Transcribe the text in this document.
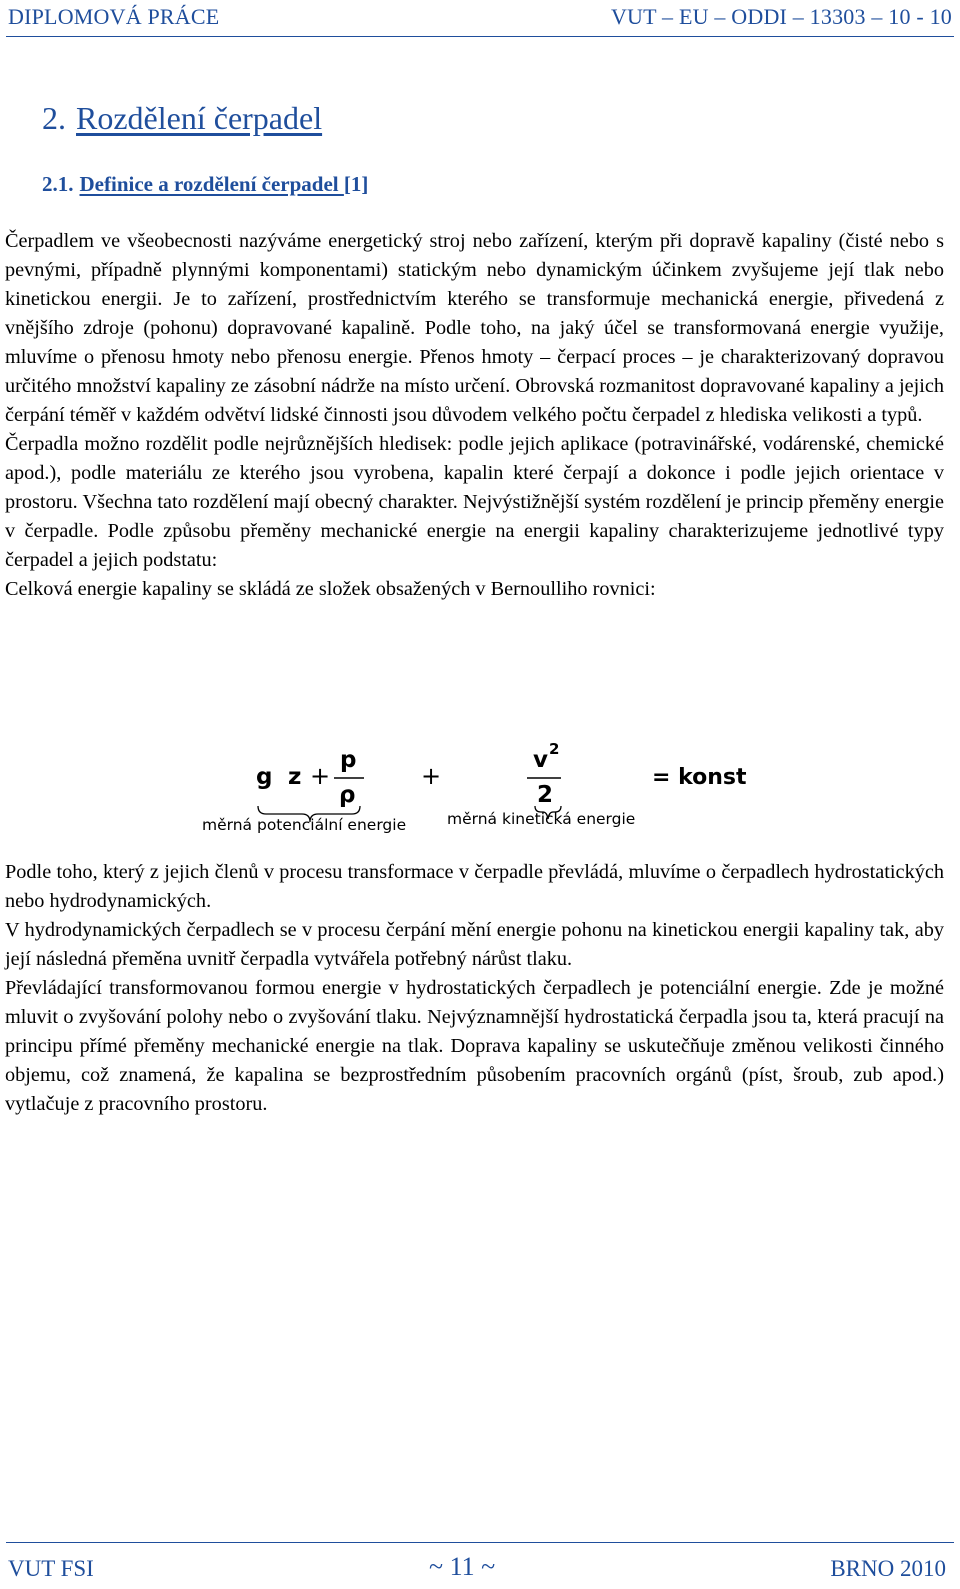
DIPLOMOVÁ PRÁCE	VUT – EU – ODDI – 13303 – 10 - 10
2. Rozdělení čerpadel
2.1. Definice a rozdělení čerpadel [1]

Čerpadlem ve všeobecnosti nazýváme energetický stroj nebo zařízení, kterým při dopravě kapaliny (čisté nebo s pevnými, případně plynnými komponentami) statickým nebo dynamickým účinkem zvyšujeme její tlak nebo kinetickou energii. Je to zařízení, prostřednictvím kterého se transformuje mechanická energie, přivedená z vnějšího zdroje (pohonu) dopravované kapalině. Podle toho, na jaký účel se transformovaná energie využije, mluvíme o přenosu hmoty nebo přenosu energie. Přenos hmoty – čerpací proces – je charakterizovaný dopravou určitého množství kapaliny ze zásobní nádrže na místo určení. Obrovská rozmanitost dopravované kapaliny a jejich čerpání téměř v každém odvětví lidské činnosti jsou důvodem velkého počtu čerpadel z hlediska velikosti a typů.

Čerpadla možno rozdělit podle nejrůznějších hledisek: podle jejich aplikace (potravinářské, vodárenské, chemické apod.), podle materiálu ze kterého jsou vyrobena, kapalin které čerpají a dokonce i podle jejich orientace v prostoru. Všechna tato rozdělení mají obecný charakter. Nejvýstižnější systém rozdělení je princip přeměny energie v čerpadle. Podle způsobu přeměny mechanické energie na energii kapaliny charakterizujeme jednotlivé typy čerpadel a jejich podstatu:

Celková energie kapaliny se skládá ze složek obsažených v Bernoulliho rovnici:

g z +
p
ρ
+
v 2
2
= konst
měrná potenciální energie	měrná kinetická energie

Podle toho, který z jejich členů v procesu transformace v čerpadle převládá, mluvíme o čerpadlech hydrostatických nebo hydrodynamických.

V hydrodynamických čerpadlech se v procesu čerpání mění energie pohonu na kinetickou energii kapaliny tak, aby její následná přeměna uvnitř čerpadla vytvářela potřebný nárůst tlaku.

Převládající transformovanou formou energie v hydrostatických čerpadlech je potenciální energie. Zde je možné mluvit o zvyšování polohy nebo o zvyšování tlaku. Nejvýznamnější hydrostatická čerpadla jsou ta, která pracují na principu přímé přeměny mechanické energie na tlak. Doprava kapaliny se uskutečňuje změnou velikosti činného objemu, což znamená, že kapalina se bezprostředním působením pracovních orgánů (píst, šroub, zub apod.) vytlačuje z pracovního prostoru.

VUT FSI	~ 11 ~	BRNO 2010
